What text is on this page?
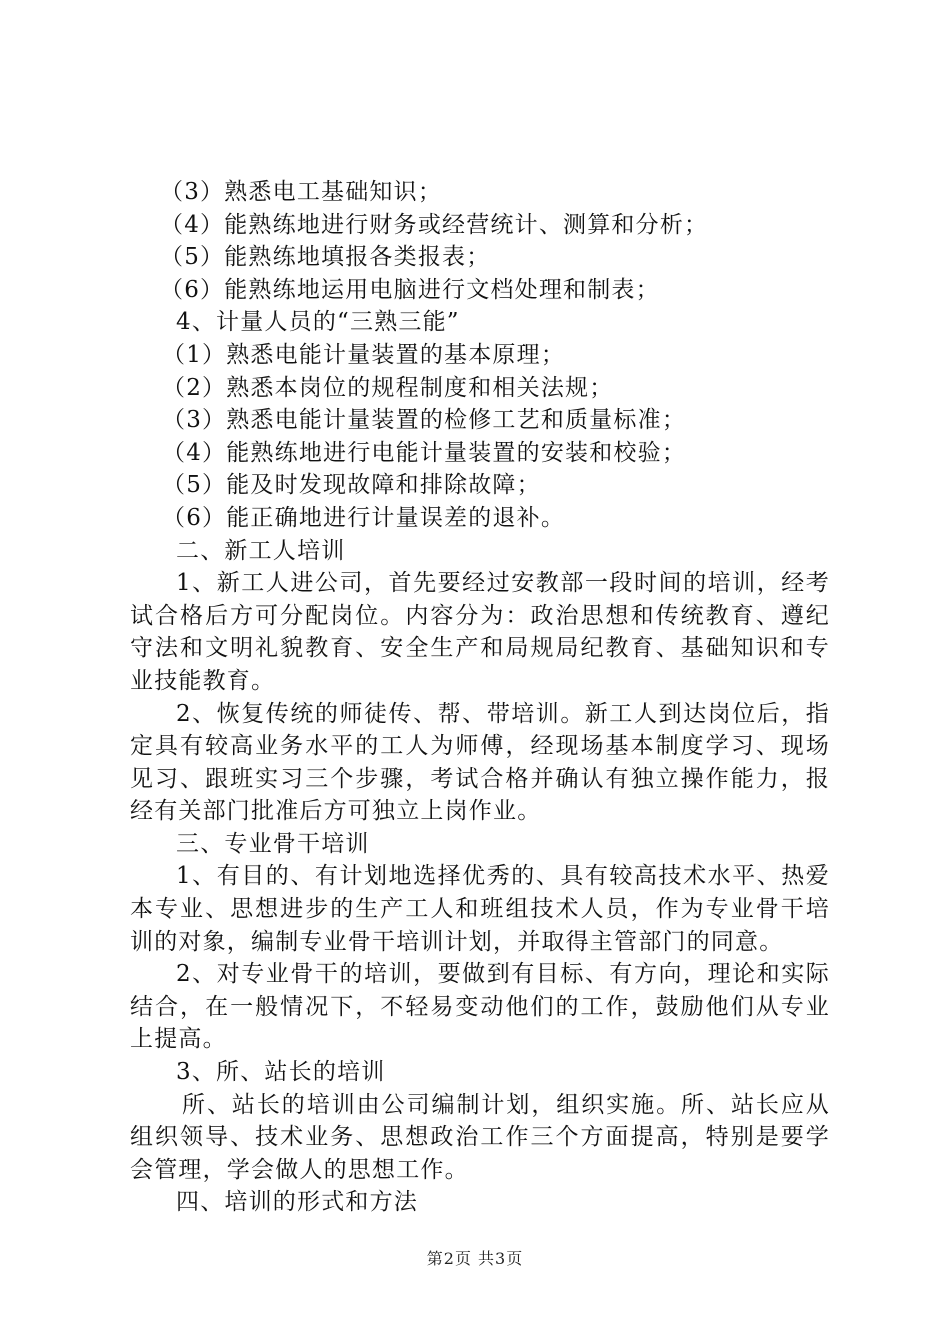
（3）熟悉电工基础知识；

（4）能熟练地进行财务或经营统计、测算和分析；

（5）能熟练地填报各类报表；

（6）能熟练地运用电脑进行文档处理和制表；

4、计量人员的“三熟三能”

（1）熟悉电能计量装置的基本原理；

（2）熟悉本岗位的规程制度和相关法规；

（3）熟悉电能计量装置的检修工艺和质量标准；

（4）能熟练地进行电能计量装置的安装和校验；

（5）能及时发现故障和排除故障；

（6）能正确地进行计量误差的退补。

二、新工人培训

1、新工人进公司，首先要经过安教部一段时间的培训，经考试合格后方可分配岗位。内容分为：政治思想和传统教育、遵纪守法和文明礼貌教育、安全生产和局规局纪教育、基础知识和专业技能教育。

2、恢复传统的师徒传、帮、带培训。新工人到达岗位后，指定具有较高业务水平的工人为师傅，经现场基本制度学习、现场见习、跟班实习三个步骤，考试合格并确认有独立操作能力，报经有关部门批准后方可独立上岗作业。

三、专业骨干培训

1、有目的、有计划地选择优秀的、具有较高技术水平、热爱本专业、思想进步的生产工人和班组技术人员，作为专业骨干培训的对象，编制专业骨干培训计划，并取得主管部门的同意。

2、对专业骨干的培训，要做到有目标、有方向，理论和实际结合，在一般情况下，不轻易变动他们的工作，鼓励他们从专业上提高。

3、所、站长的培训

所、站长的培训由公司编制计划，组织实施。所、站长应从组织领导、技术业务、思想政治工作三个方面提高，特别是要学会管理，学会做人的思想工作。

四、培训的形式和方法

第2页 共3页
